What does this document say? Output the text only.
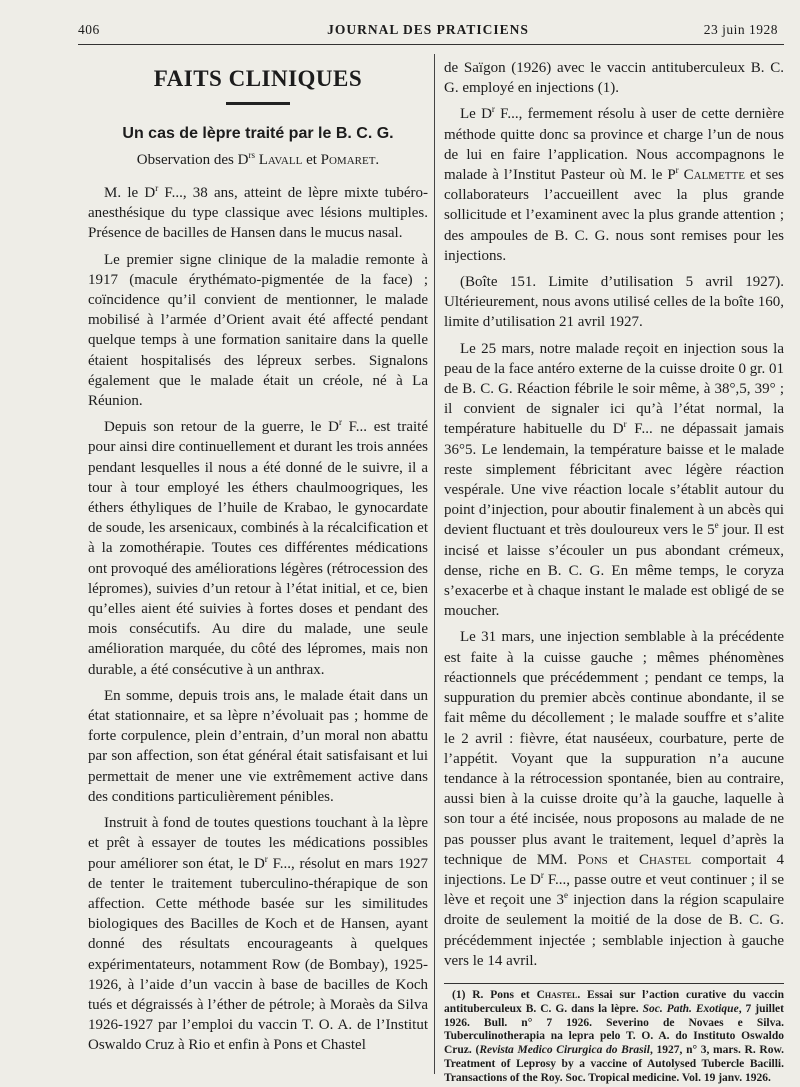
JOURNAL DES PRATICIENS
406	23 juin 1928
FAITS CLINIQUES
Un cas de lèpre traité par le B. C. G.
Observation des $D^{rs}$ Lavall et Pomaret.

M. le $D^r$ F..., 38 ans, atteint de lèpre mixte tubéro-anesthésique du type classique avec lésions multiples. Présence de bacilles de Hansen dans le mucus nasal.

Le premier signe clinique de la maladie remonte à 1917 (macule érythémato-pigmentée de la face) ; coïncidence qu’il convient de mentionner, le malade mobilisé à l’armée d’Orient avait été affecté pendant quelque temps à une formation sanitaire dans la quelle étaient hospitalisés des lépreux serbes. Signalons également que le malade était un créole, né à La Réunion.

Depuis son retour de la guerre, le $D^r$ F... est traité pour ainsi dire continuellement et durant les trois années pendant lesquelles il nous a été donné de le suivre, il a tour à tour employé les éthers chaulmoogriques, les éthers éthyliques de l’huile de Krabao, le gynocardate de soude, les arsenicaux, combinés à la récalcification et à la zomothérapie. Toutes ces différentes médications ont provoqué des améliorations légères (rétrocession des lépromes), suivies d’un retour à l’état initial, et ce, bien qu’elles aient été suivies à fortes doses et pendant des mois consécutifs. Au dire du malade, une seule amélioration marquée, du côté des lépromes, mais non durable, a été consécutive à un anthrax.

En somme, depuis trois ans, le malade était dans un état stationnaire, et sa lèpre n’évoluait pas ; homme de forte corpulence, plein d’entrain, d’un moral non abattu par son affection, son état général était satisfaisant et lui permettait de mener une vie extrêmement active dans des conditions particulièrement pénibles.

Instruit à fond de toutes questions touchant à la lèpre et prêt à essayer de toutes les médications possibles pour améliorer son état, le $D^r$ F..., résolut en mars 1927 de tenter le traitement tuberculino-thérapique de son affection. Cette méthode basée sur les similitudes biologiques des Bacilles de Koch et de Hansen, ayant donné des résultats encourageants à quelques expérimentateurs, notamment Row (de Bombay), 1925-1926, à l’aide d’un vaccin à base de bacilles de Koch tués et dégraissés à l’éther de pétrole; à Moraès da Silva 1926-1927 par l’emploi du vaccin T. O. A. de l’Institut Oswaldo Cruz à Rio et enfin à Pons et Chastel

de Saïgon (1926) avec le vaccin antituberculeux B. C. G. employé en injections (1).

Le $D^r$ F..., fermement résolu à user de cette dernière méthode quitte donc sa province et charge l’un de nous de lui en faire l’application. Nous accompagnons le malade à l’Institut Pasteur où M. le $P^r$ Calmette et ses collaborateurs l’accueillent avec la plus grande sollicitude et l’examinent avec la plus grande attention ; des ampoules de B. C. G. nous sont remises pour les injections.

(Boîte 151. Limite d’utilisation 5 avril 1927). Ultérieurement, nous avons utilisé celles de la boîte 160, limite d’utilisation 21 avril 1927.

Le 25 mars, notre malade reçoit en injection sous la peau de la face antéro externe de la cuisse droite 0 gr. 01 de B. C. G. Réaction fébrile le soir même, à 38°,5, 39° ; il convient de signaler ici qu’à l’état normal, la température habituelle du $D^r$ F... ne dépassait jamais 36°5. Le lendemain, la température baisse et le malade reste simplement fébricitant avec légère réaction vespérale. Une vive réaction locale s’établit autour du point d’injection, pour aboutir finalement à un abcès qui devient fluctuant et très douloureux vers le 5e jour. Il est incisé et laisse s’écouler un pus abondant crémeux, dense, riche en B. C. G. En même temps, le coryza s’exacerbe et à chaque instant le malade est obligé de se moucher.

Le 31 mars, une injection semblable à la précédente est faite à la cuisse gauche ; mêmes phénomènes réactionnels que précédemment ; pendant ce temps, la suppuration du premier abcès continue abondante, il se fait même du décollement ; le malade souffre et s’alite le 2 avril : fièvre, état nauséeux, courbature, perte de l’appétit. Voyant que la suppuration n’a aucune tendance à la rétrocession spontanée, bien au contraire, aussi bien à la cuisse droite qu’à la gauche, laquelle à son tour a été incisée, nous proposons au malade de ne pas pousser plus avant le traitement, lequel d’après la technique de MM. Pons et Chastel comportait 4 injections. Le $D^r$ F..., passe outre et veut continuer ; il se lève et reçoit une 3e injection dans la région scapulaire droite de seulement la moitié de la dose de B. C. G. précédemment injectée ; semblable injection à gauche vers le 14 avril.

(1) R. Pons et Chastel. Essai sur l’action curative du vaccin antituberculeux B. C. G. dans la lèpre. Soc. Path. Exotique, 7 juillet 1926. Bull. n° 7 1926. Severino de Novaes e Silva. Tuberculinotherapia na lepra pelo T. O. A. do Instituto Oswaldo Cruz. (Revista Medico Cirurgica do Brasil, 1927, n° 3, mars. R. Row. Treatment of Leprosy by a vaccine of Autolysed Tubercle Bacilli. Transactions of the Roy. Soc. Tropical medicine. Vol. 19 janv. 1926.
